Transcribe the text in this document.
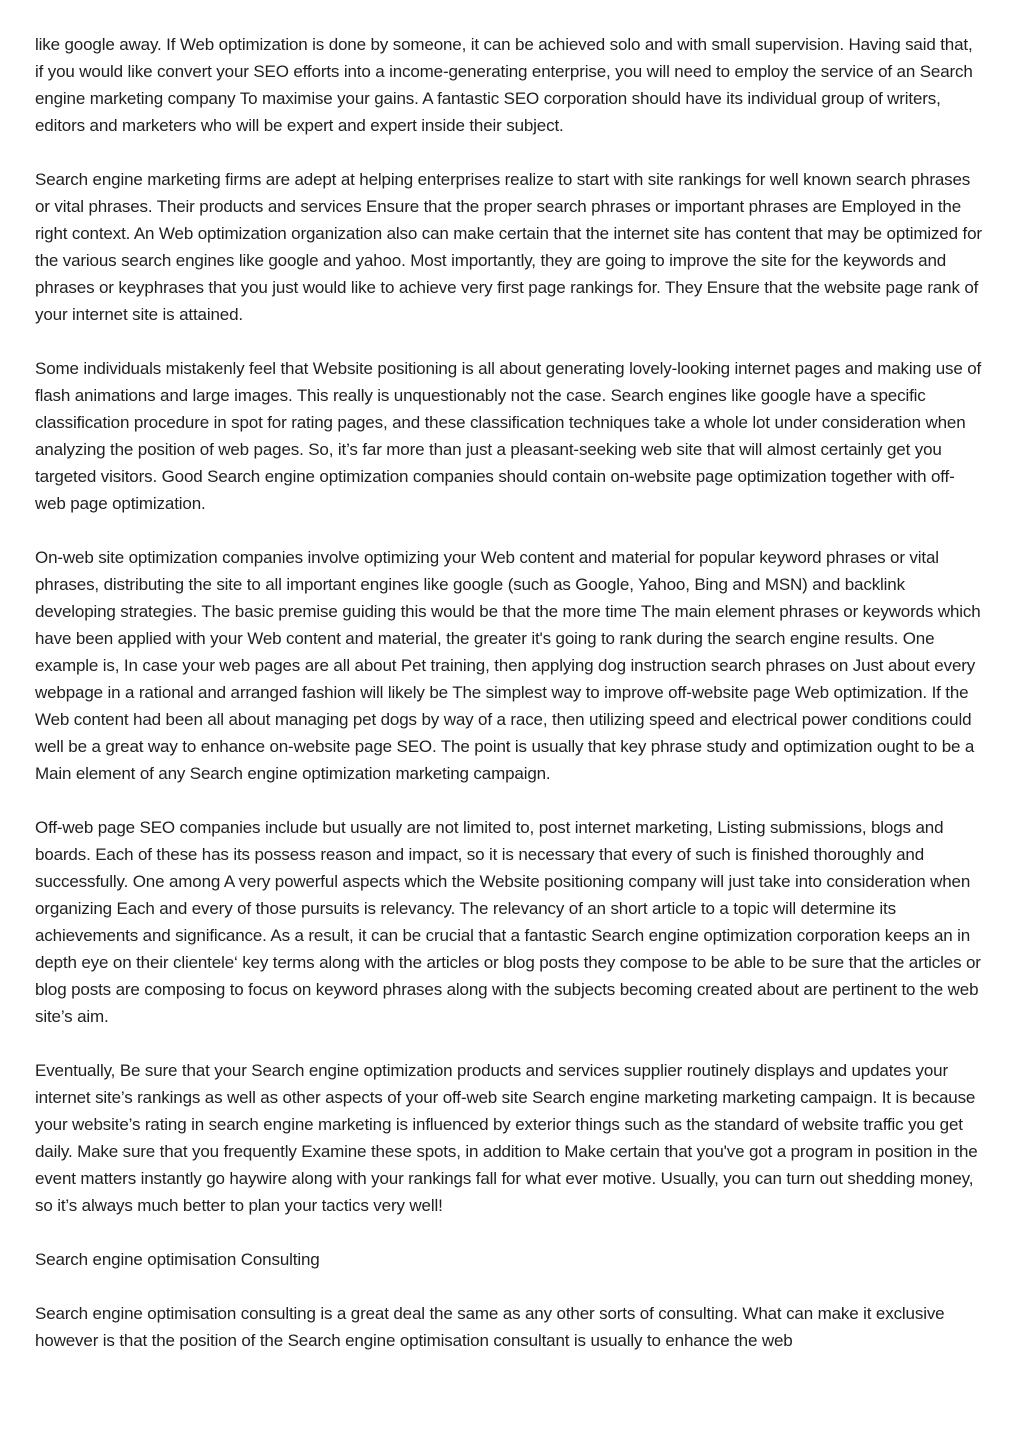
like google away. If Web optimization is done by someone, it can be achieved solo and with small supervision. Having said that, if you would like convert your SEO efforts into a income-generating enterprise, you will need to employ the service of an Search engine marketing company To maximise your gains. A fantastic SEO corporation should have its individual group of writers, editors and marketers who will be expert and expert inside their subject.

Search engine marketing firms are adept at helping enterprises realize to start with site rankings for well known search phrases or vital phrases. Their products and services Ensure that the proper search phrases or important phrases are Employed in the right context. An Web optimization organization also can make certain that the internet site has content that may be optimized for the various search engines like google and yahoo. Most importantly, they are going to improve the site for the keywords and phrases or keyphrases that you just would like to achieve very first page rankings for. They Ensure that the website page rank of your internet site is attained.

Some individuals mistakenly feel that Website positioning is all about generating lovely-looking internet pages and making use of flash animations and large images. This really is unquestionably not the case. Search engines like google have a specific classification procedure in spot for rating pages, and these classification techniques take a whole lot under consideration when analyzing the position of web pages. So, it’s far more than just a pleasant-seeking web site that will almost certainly get you targeted visitors. Good Search engine optimization companies should contain on-website page optimization together with off-web page optimization.

On-web site optimization companies involve optimizing your Web content and material for popular keyword phrases or vital phrases, distributing the site to all important engines like google (such as Google, Yahoo, Bing and MSN) and backlink developing strategies. The basic premise guiding this would be that the more time The main element phrases or keywords which have been applied with your Web content and material, the greater it's going to rank during the search engine results. One example is, In case your web pages are all about Pet training, then applying dog instruction search phrases on Just about every webpage in a rational and arranged fashion will likely be The simplest way to improve off-website page Web optimization. If the Web content had been all about managing pet dogs by way of a race, then utilizing speed and electrical power conditions could well be a great way to enhance on-website page SEO. The point is usually that key phrase study and optimization ought to be a Main element of any Search engine optimization marketing campaign.

Off-web page SEO companies include but usually are not limited to, post internet marketing, Listing submissions, blogs and boards. Each of these has its possess reason and impact, so it is necessary that every of such is finished thoroughly and successfully. One among A very powerful aspects which the Website positioning company will just take into consideration when organizing Each and every of those pursuits is relevancy. The relevancy of an short article to a topic will determine its achievements and significance. As a result, it can be crucial that a fantastic Search engine optimization corporation keeps an in depth eye on their clientele‘ key terms along with the articles or blog posts they compose to be able to be sure that the articles or blog posts are composing to focus on keyword phrases along with the subjects becoming created about are pertinent to the web site’s aim.

Eventually, Be sure that your Search engine optimization products and services supplier routinely displays and updates your internet site’s rankings as well as other aspects of your off-web site Search engine marketing marketing campaign. It is because your website’s rating in search engine marketing is influenced by exterior things such as the standard of website traffic you get daily. Make sure that you frequently Examine these spots, in addition to Make certain that you've got a program in position in the event matters instantly go haywire along with your rankings fall for what ever motive. Usually, you can turn out shedding money, so it’s always much better to plan your tactics very well!

Search engine optimisation Consulting

Search engine optimisation consulting is a great deal the same as any other sorts of consulting. What can make it exclusive however is that the position of the Search engine optimisation consultant is usually to enhance the web
